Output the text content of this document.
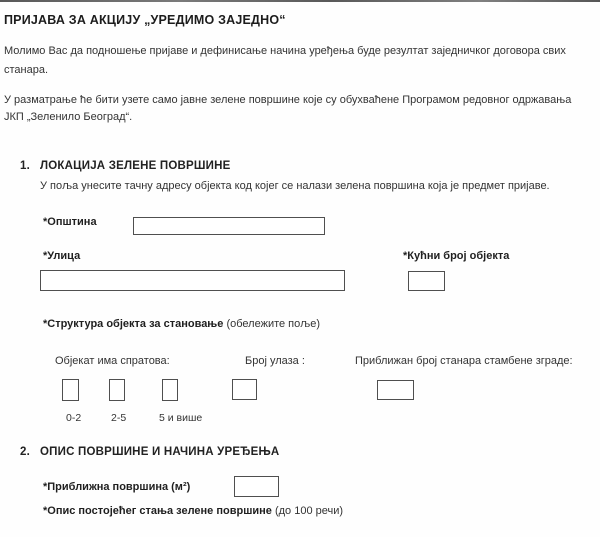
ПРИЈАВА ЗА АКЦИЈУ „УРЕДИМО ЗАЈЕДНО“

Молимо Вас да подношење пријаве и дефинисање начина уређења буде резултат заједничког договора свих станара.

У разматрање ће бити узете само јавне зелене површине које су обухваћене Програмом редовног одржавања ЈКП „Зеленило Београд“.

1. ЛОКАЦИЈА ЗЕЛЕНЕ ПОВРШИНЕ
У поља унесите тачну адресу објекта код којег се налази зелена површина која је предмет пријаве.
*Општина
*Улица	*Кућни број објекта
*Структура објекта за становање (обележите поље)
Објекат има спратова:	Број улаза :	Приближан број станара стамбене зграде:
0-2	2-5	5 и више
2. ОПИС ПОВРШИНЕ И НАЧИНА УРЕЂЕЊА
*Приближна површина (м²)
*Опис постојећег стања зелене површине (до 100 речи)
